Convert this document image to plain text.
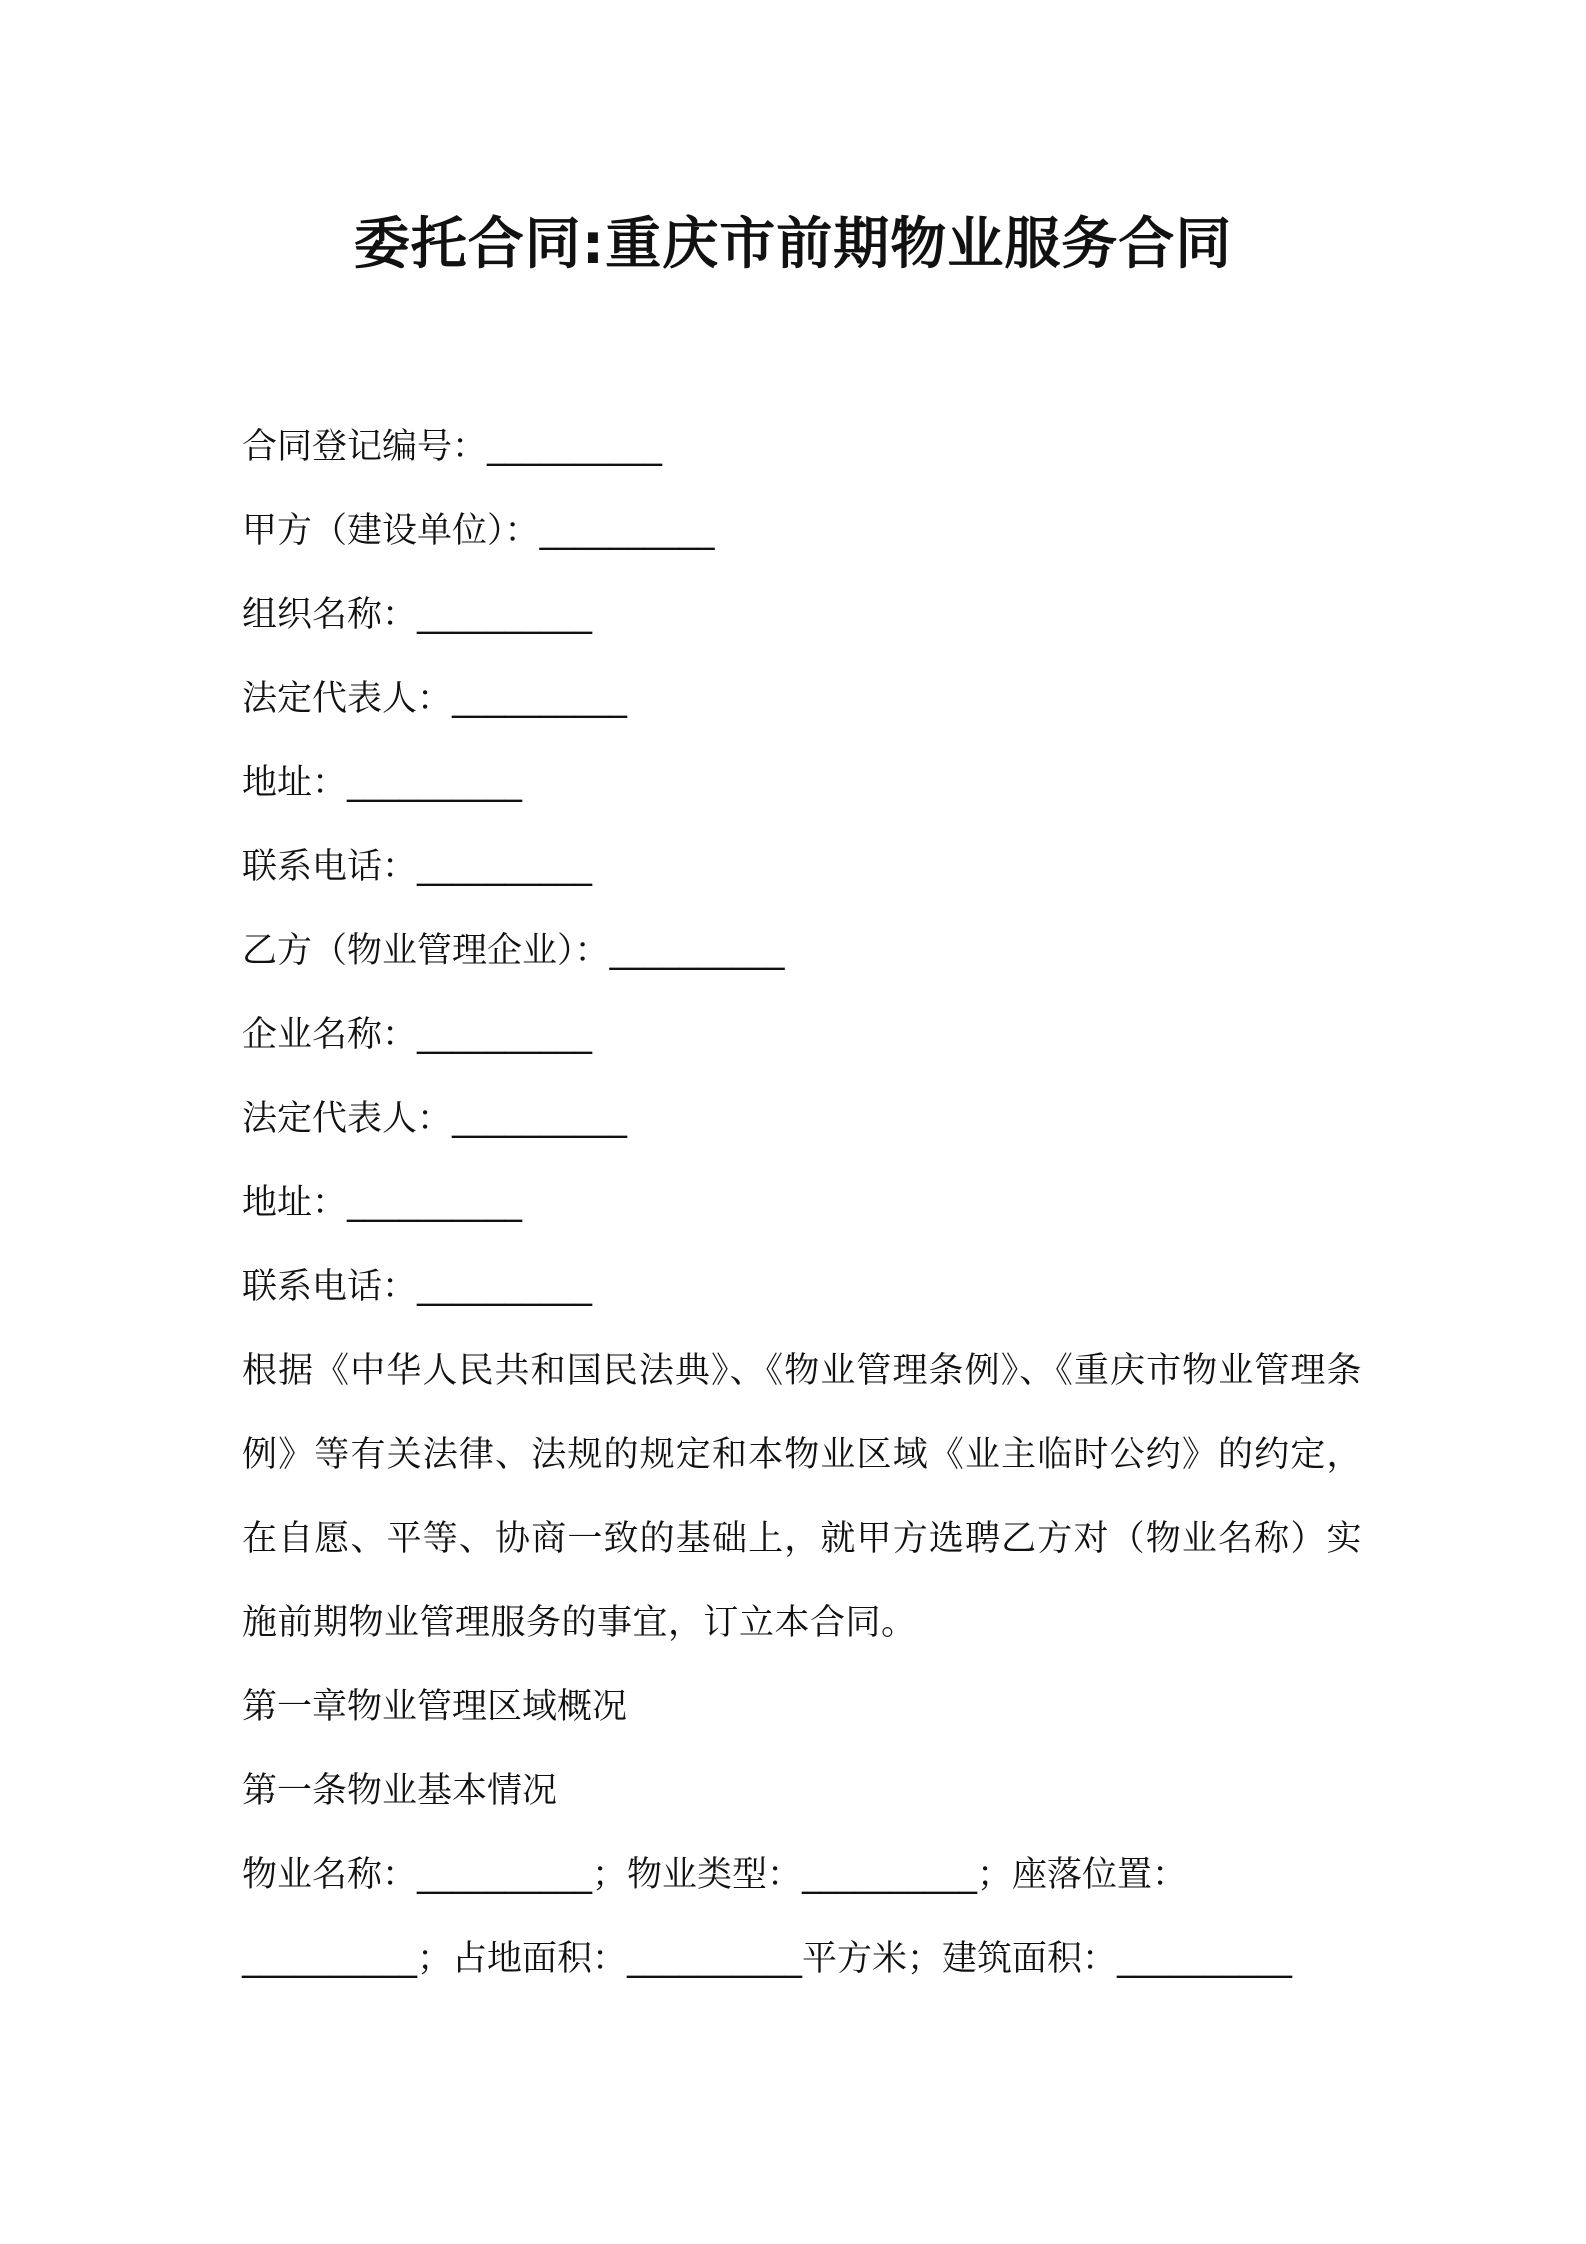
委托合同:重庆市前期物业服务合同
合同登记编号：__________
甲方（建设单位）：__________
组织名称：__________
法定代表人：__________
地址：__________
联系电话：__________
乙方（物业管理企业）：__________
企业名称：__________
法定代表人：__________
地址：__________
联系电话：__________
根据《中华人民共和国民法典》、《物业管理条例》、《重庆市物业管理条例》等有关法律、法规的规定和本物业区域《业主临时公约》的约定，在自愿、平等、协商一致的基础上，就甲方选聘乙方对（物业名称）实施前期物业管理服务的事宜，订立本合同。
第一章物业管理区域概况
第一条物业基本情况
物业名称：__________；物业类型：__________；座落位置：
__________；占地面积：__________平方米；建筑面积：__________
